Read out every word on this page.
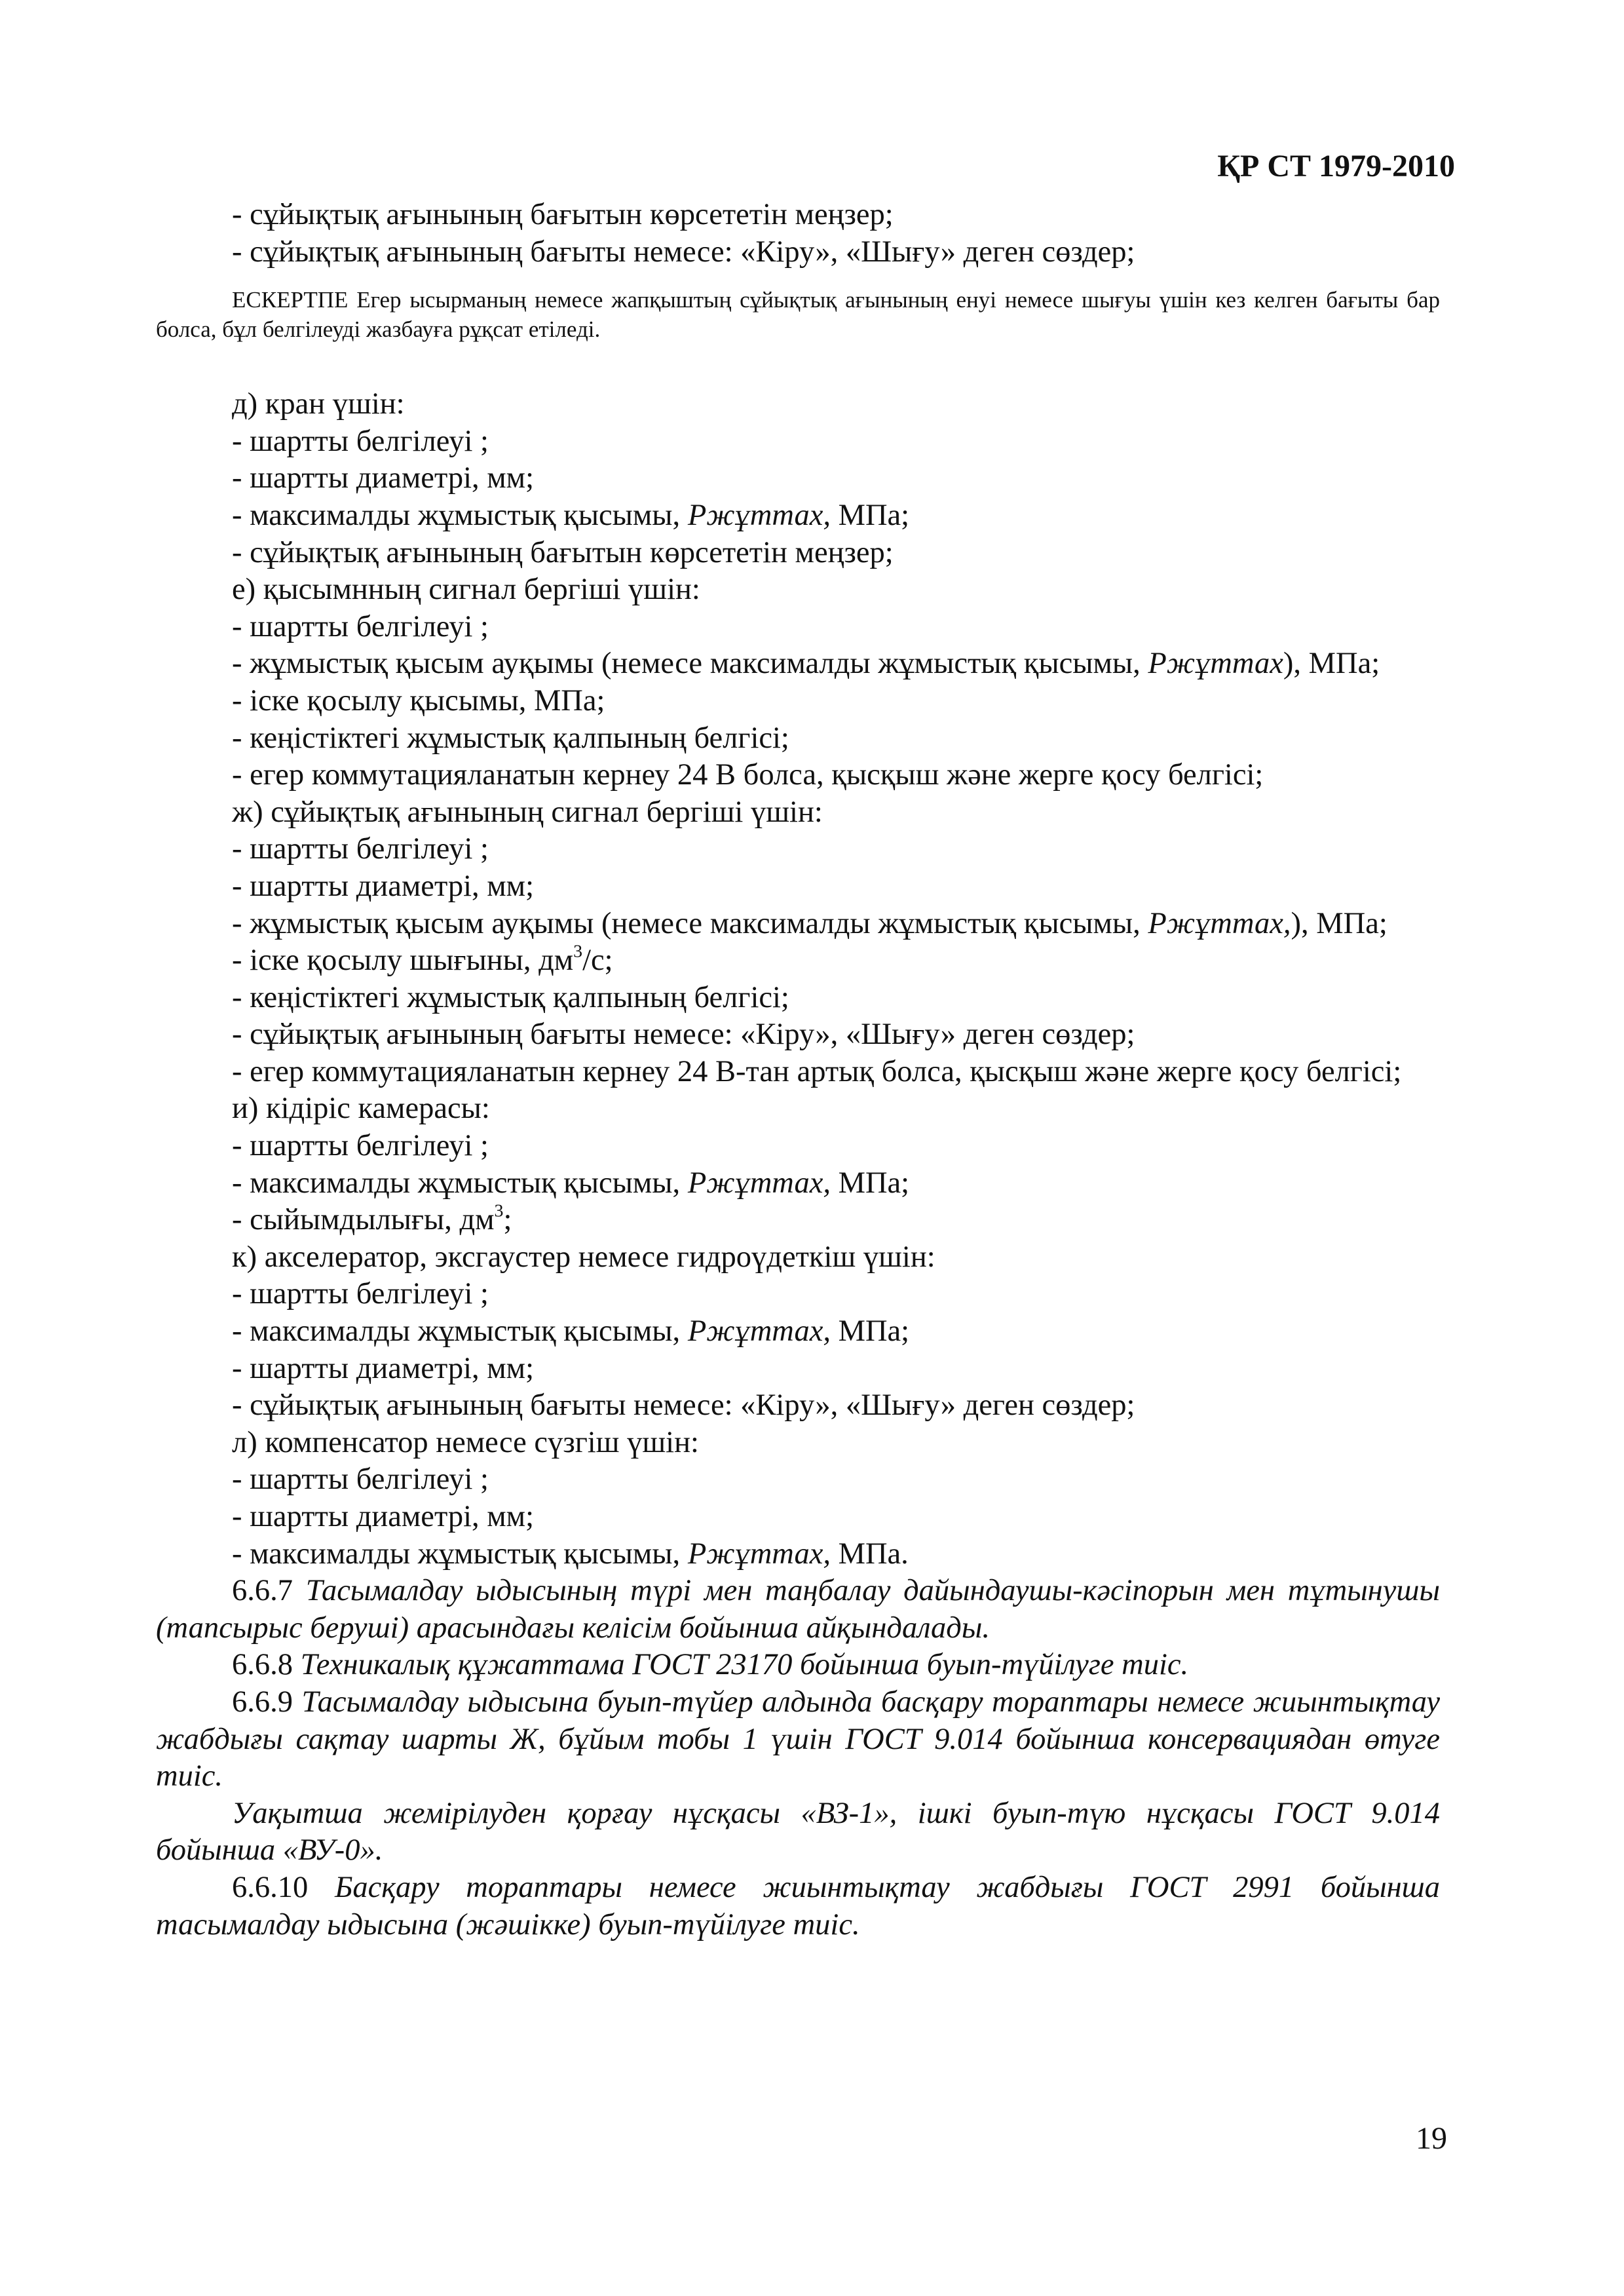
ҚР СТ 1979-2010

- сұйықтық ағынының бағытын көрсететін меңзер;

- сұйықтық ағынының бағыты немесе: «Кіру», «Шығу» деген сөздер;

ЕСКЕРТПЕ Егер ысырманың немесе жапқыштың сұйықтық ағынының енуі немесе шығуы үшін кез келген бағыты бар болса, бұл белгілеуді жазбауға рұқсат етіледі.

д) кран үшін:

- шартты белгілеуі ;

- шартты диаметрі, мм;

- максималды жұмыстық қысымы, Ржұmтах, МПа;

- сұйықтық ағынының бағытын көрсететін меңзер;

е) қысымнның сигнал бергіші үшін:

- шартты белгілеуі ;

- жұмыстық қысым ауқымы (немесе максималды жұмыстық қысымы, Ржұmтах), МПа;

- іске қосылу қысымы, МПа;

- кеңістіктегі жұмыстық қалпының белгісі;

- егер коммутацияланатын кернеу 24 В болса, қысқыш және жерге қосу белгісі;

ж) сұйықтық ағынының сигнал бергіші үшін:

- шартты белгілеуі ;

- шартты диаметрі, мм;

- жұмыстық қысым ауқымы (немесе максималды жұмыстық қысымы, Ржұmтах,), МПа;

- іске қосылу шығыны, $дм^3/с$;

- кеңістіктегі жұмыстық қалпының белгісі;

- сұйықтық ағынының бағыты немесе: «Кіру», «Шығу» деген сөздер;

- егер коммутацияланатын кернеу 24 В-тан артық болса, қысқыш және жерге қосу белгісі;

и) кідіріс камерасы:

- шартты белгілеуі ;

- максималды жұмыстық қысымы, Ржұmтах, МПа;

- сыйымдылығы, $дм^3$;

к) акселератор, эксгаустер немесе гидроүдеткіш үшін:

- шартты белгілеуі ;

- максималды жұмыстық қысымы, Ржұmтах, МПа;

- шартты диаметрі, мм;

- сұйықтық ағынының бағыты немесе: «Кіру», «Шығу» деген сөздер;

л) компенсатор немесе сүзгіш үшін:

- шартты белгілеуі ;

- шартты диаметрі, мм;

- максималды жұмыстық қысымы, Ржұmтах, МПа.

6.6.7 Тасымалдау ыдысының түрі мен таңбалау дайындаушы-кәсіпорын мен тұтынушы (тапсырыс беруші) арасындағы келісім бойынша айқындалады.

6.6.8 Техникалық құжаттама ГОСТ 23170 бойынша буып-түйілуге тиіс.

6.6.9 Тасымалдау ыдысына буып-түйер алдында басқару тораптары немесе жиынтықтау жабдығы сақтау шарты Ж, бұйым тобы 1 үшін ГОСТ 9.014 бойынша консервациядан өтуге тиіс.

Уақытша жемірілуден қорғау нұсқасы «ВЗ-1», ішкі буып-түю нұсқасы ГОСТ 9.014 бойынша «ВУ-0».

6.6.10 Басқару тораптары немесе жиынтықтау жабдығы ГОСТ 2991 бойынша тасымалдау ыдысына (жәшікке) буып-түйілуге тиіс.

19
